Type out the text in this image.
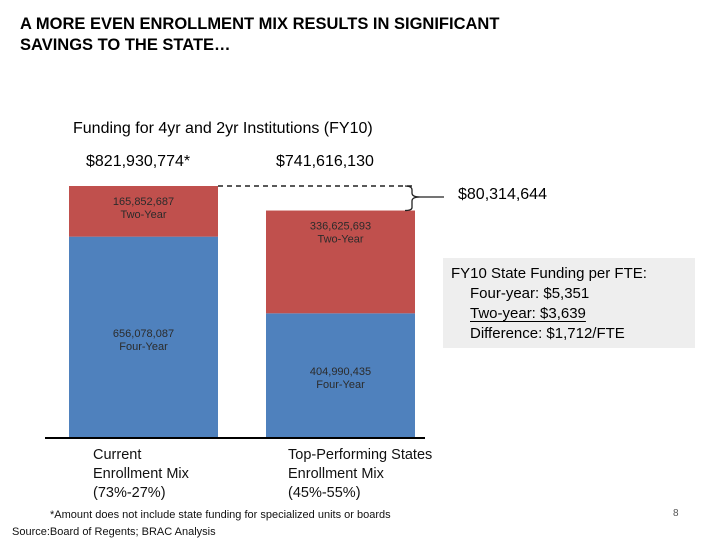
A MORE EVEN ENROLLMENT MIX RESULTS IN SIGNIFICANT
SAVINGS TO THE STATE…
Funding for 4yr and 2yr Institutions (FY10)
$821,930,774*	$741,616,130
$80,314,644
656,078,087
Four-Year
165,852,687
Two-Year
404,990,435
Four-Year
336,625,693
Two-Year
FY10 State Funding per FTE:
Four-year: $5,351
Two-year: $3,639
Difference: $1,712/FTE
Current
Enrollment Mix
(73%-27%)
Top-Performing States
Enrollment Mix
(45%-55%)
*Amount does not include state funding for specialized units or boards
Source:Board of Regents; BRAC Analysis
8
